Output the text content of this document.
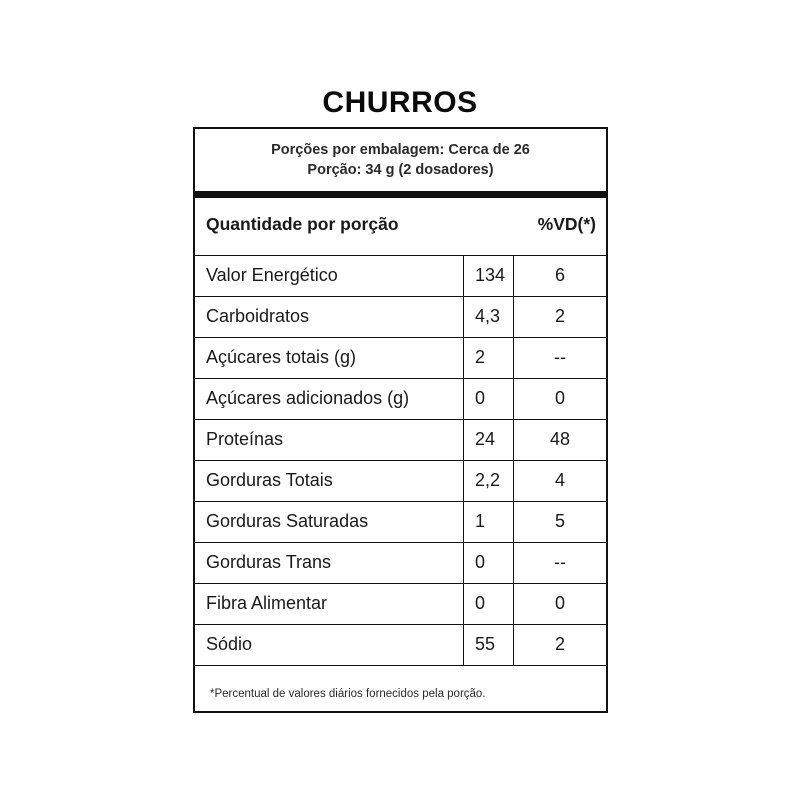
CHURROS
Porções por embalagem: Cerca de 26
Porção: 34 g (2 dosadores)
Quantidade por porção	%VD(*)
Valor Energético	134	6
Carboidratos	4,3	2
Açúcares totais (g)	2	--
Açúcares adicionados (g)	0	0
Proteínas	24	48
Gorduras Totais	2,2	4
Gorduras Saturadas	1	5
Gorduras Trans	0	--
Fibra Alimentar	0	0
Sódio	55	2
*Percentual de valores diários fornecidos pela porção.
